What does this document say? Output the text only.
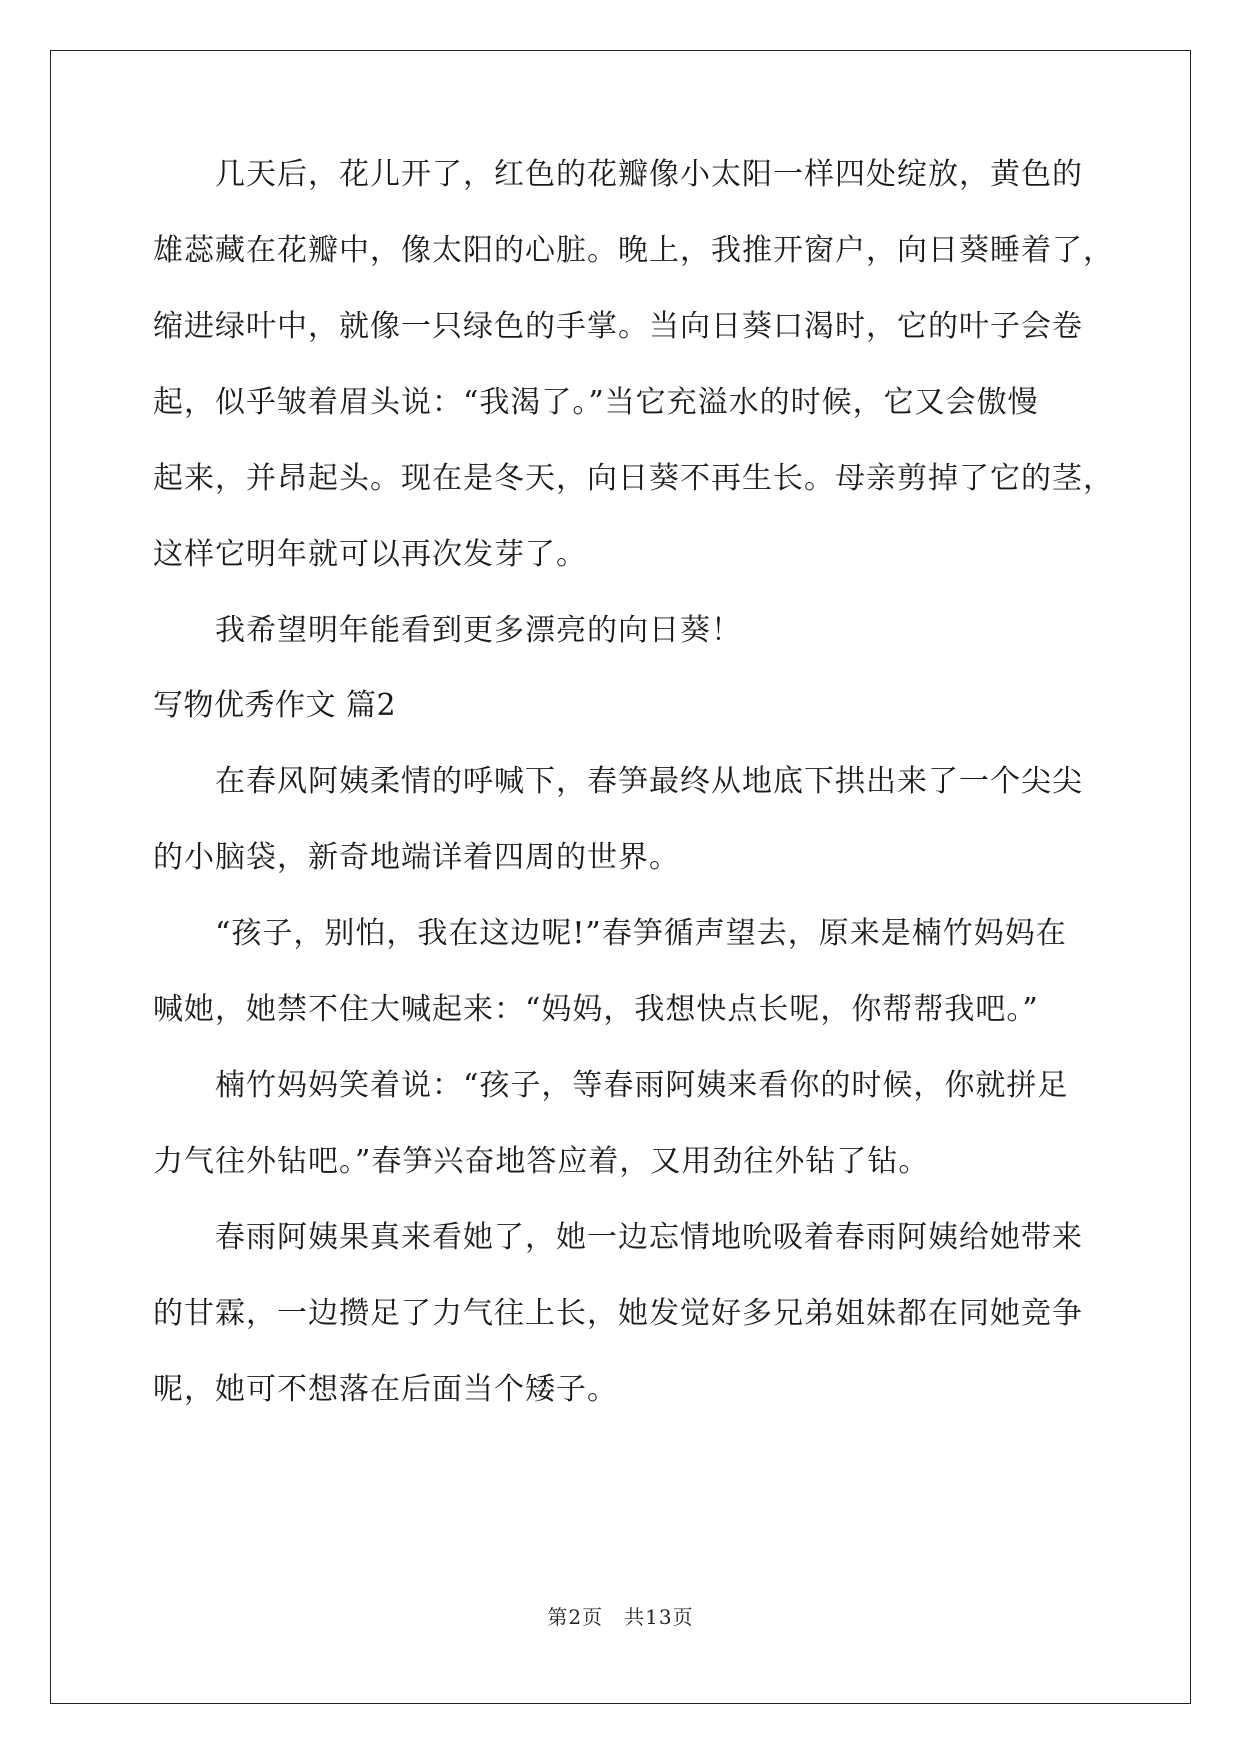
几天后，花儿开了，红色的花瓣像小太阳一样四处绽放，黄色的
雄蕊藏在花瓣中，像太阳的心脏。晚上，我推开窗户，向日葵睡着了，
缩进绿叶中，就像一只绿色的手掌。当向日葵口渴时，它的叶子会卷
起，似乎皱着眉头说：“我渴了。”当它充溢水的时候，它又会傲慢
起来，并昂起头。现在是冬天，向日葵不再生长。母亲剪掉了它的茎，
这样它明年就可以再次发芽了。
我希望明年能看到更多漂亮的向日葵！
写物优秀作文 篇2
在春风阿姨柔情的呼喊下，春笋最终从地底下拱出来了一个尖尖
的小脑袋，新奇地端详着四周的世界。
“孩子，别怕，我在这边呢!”春笋循声望去，原来是楠竹妈妈在
喊她，她禁不住大喊起来：“妈妈，我想快点长呢，你帮帮我吧。”
楠竹妈妈笑着说：“孩子，等春雨阿姨来看你的时候，你就拼足
力气往外钻吧。”春笋兴奋地答应着，又用劲往外钻了钻。
春雨阿姨果真来看她了，她一边忘情地吮吸着春雨阿姨给她带来
的甘霖，一边攒足了力气往上长，她发觉好多兄弟姐妹都在同她竞争
呢，她可不想落在后面当个矮子。
第2页　共13页
